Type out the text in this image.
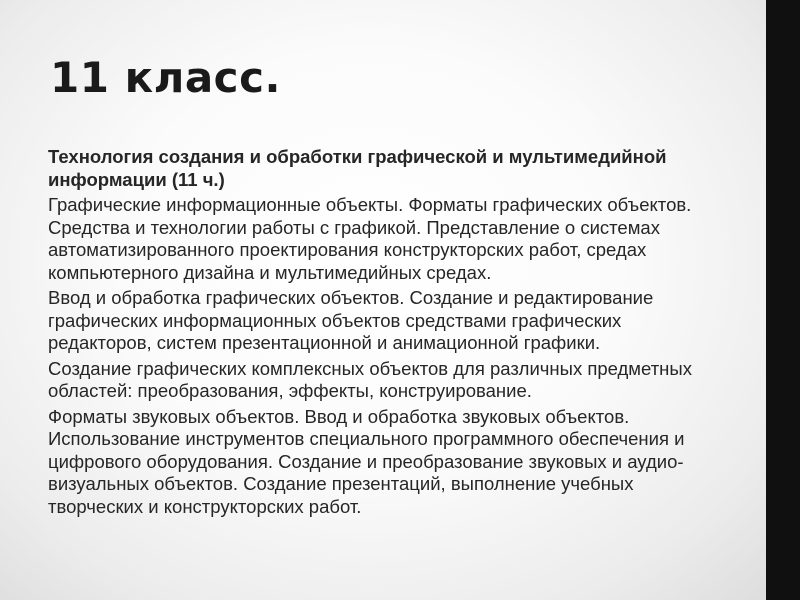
11 класс.

Технология создания и обработки графической и мультимедийной информации (11 ч.)

Графические информационные объекты. Форматы графических объектов. Средства и технологии работы с графикой. Представление о системах автоматизированного проектирования конструкторских работ, средах компьютерного дизайна и мультимедийных средах.

Ввод и обработка графических объектов. Создание и редактирование графических информационных объектов средствами графических редакторов, систем презентационной и анимационной графики.

Создание графических комплексных объектов для различных предметных областей: преобразования, эффекты, конструирование.

Форматы звуковых объектов. Ввод и обработка звуковых объектов. Использование инструментов специального программного обеспечения и цифрового оборудования. Создание и преобразование звуковых и аудио-визуальных объектов. Создание презентаций, выполнение учебных творческих и конструкторских работ.
